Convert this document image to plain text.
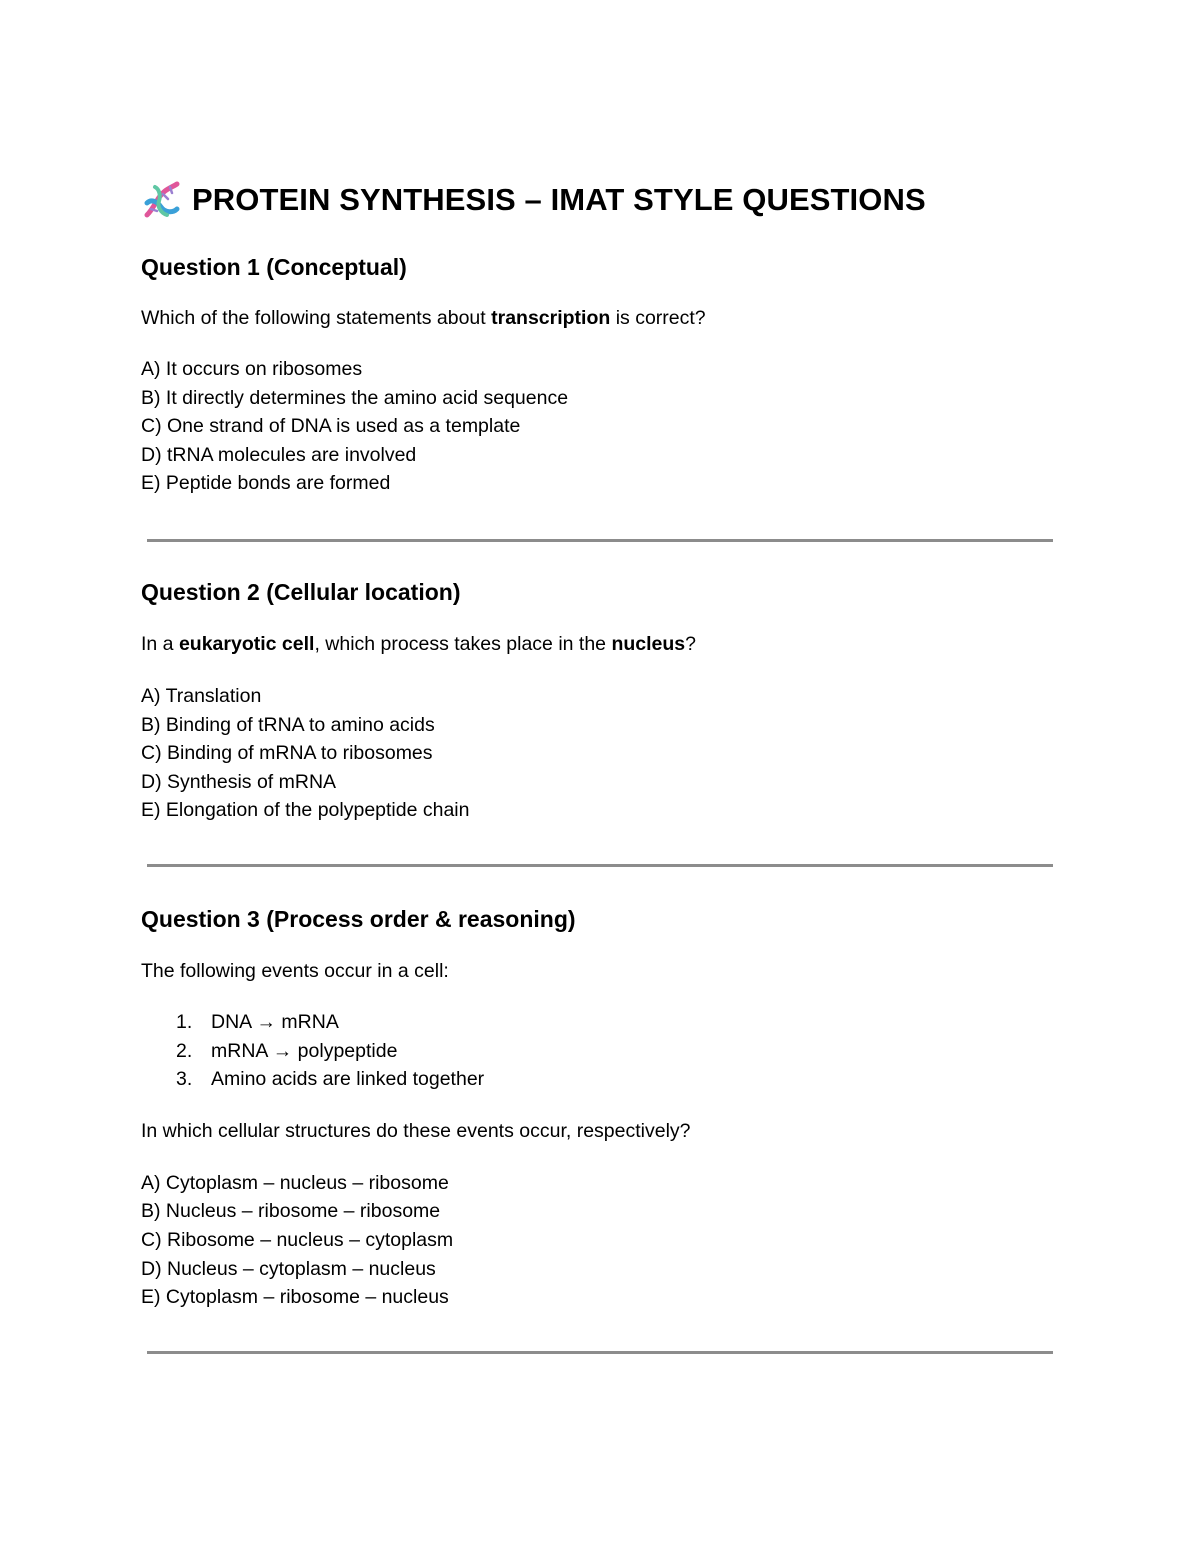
PROTEIN SYNTHESIS – IMAT STYLE QUESTIONS
Question 1 (Conceptual)

Which of the following statements about transcription is correct?

A) It occurs on ribosomes
B) It directly determines the amino acid sequence
C) One strand of DNA is used as a template
D) tRNA molecules are involved
E) Peptide bonds are formed
Question 2 (Cellular location)

In a eukaryotic cell, which process takes place in the nucleus?

A) Translation
B) Binding of tRNA to amino acids
C) Binding of mRNA to ribosomes
D) Synthesis of mRNA
E) Elongation of the polypeptide chain
Question 3 (Process order & reasoning)

The following events occur in a cell:

1. DNA → mRNA
2. mRNA → polypeptide
3. Amino acids are linked together

In which cellular structures do these events occur, respectively?

A) Cytoplasm – nucleus – ribosome
B) Nucleus – ribosome – ribosome
C) Ribosome – nucleus – cytoplasm
D) Nucleus – cytoplasm – nucleus
E) Cytoplasm – ribosome – nucleus
